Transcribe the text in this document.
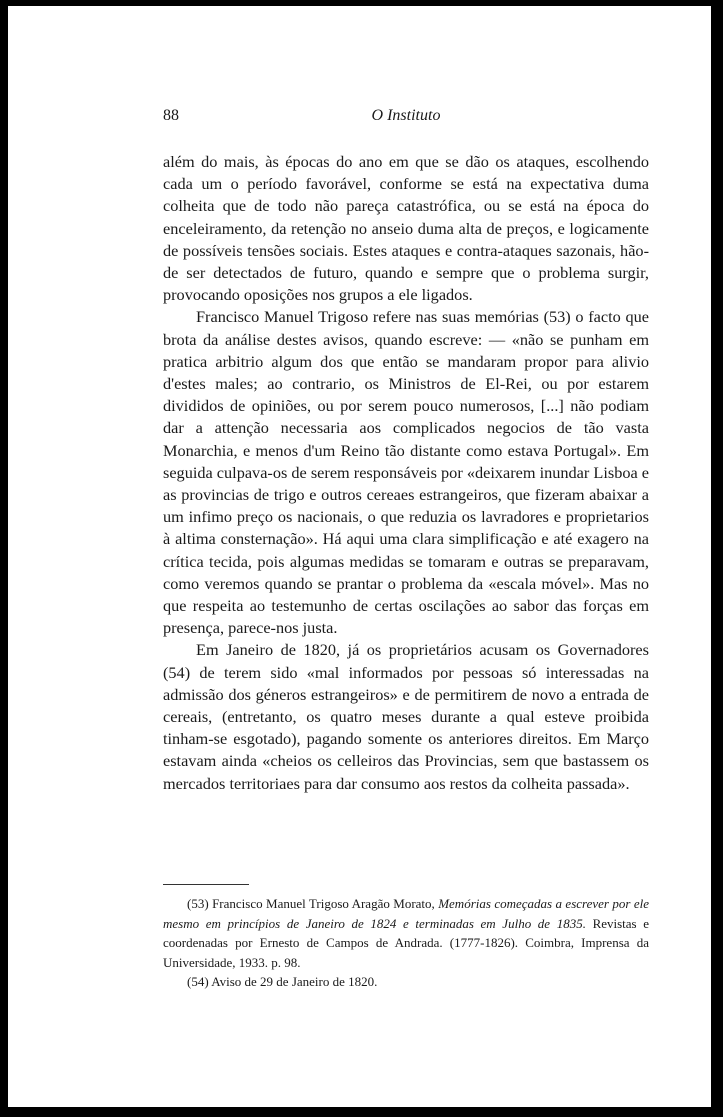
88	O Instituto

além do mais, às épocas do ano em que se dão os ataques, escolhendo cada um o período favorável, conforme se está na expectativa duma colheita que de todo não pareça catastrófica, ou se está na época do enceleiramento, da retenção no anseio duma alta de preços, e logicamente de possíveis tensões sociais. Estes ataques e contra-ataques sazonais, hão-de ser detectados de futuro, quando e sempre que o problema surgir, provocando oposições nos grupos a ele ligados.

Francisco Manuel Trigoso refere nas suas memórias (53) o facto que brota da análise destes avisos, quando escreve: — «não se punham em pratica arbitrio algum dos que então se mandaram propor para alivio d'estes males; ao contrario, os Ministros de El-Rei, ou por estarem divididos de opiniões, ou por serem pouco numerosos, [...] não podiam dar a attenção necessaria aos complicados negocios de tão vasta Monarchia, e menos d'um Reino tão distante como estava Portugal». Em seguida culpava-os de serem responsáveis por «deixarem inundar Lisboa e as provincias de trigo e outros cereaes estrangeiros, que fizeram abaixar a um infimo preço os nacionais, o que reduzia os lavradores e proprietarios à altima consternação». Há aqui uma clara simplificação e até exagero na crítica tecida, pois algumas medidas se tomaram e outras se preparavam, como veremos quando se prantar o problema da «escala móvel». Mas no que respeita ao testemunho de certas oscilações ao sabor das forças em presença, parece-nos justa.

Em Janeiro de 1820, já os proprietários acusam os Governadores (54) de terem sido «mal informados por pessoas só interessadas na admissão dos géneros estrangeiros» e de permitirem de novo a entrada de cereais, (entretanto, os quatro meses durante a qual esteve proibida tinham-se esgotado), pagando somente os anteriores direitos. Em Março estavam ainda «cheios os celleiros das Provincias, sem que bastassem os mercados territoriaes para dar consumo aos restos da colheita passada».

(53) Francisco Manuel Trigoso Aragão Morato, Memórias começadas a escrever por ele mesmo em princípios de Janeiro de 1824 e terminadas em Julho de 1835. Revistas e coordenadas por Ernesto de Campos de Andrada. (1777-1826). Coimbra, Imprensa da Universidade, 1933. p. 98.

(54) Aviso de 29 de Janeiro de 1820.
